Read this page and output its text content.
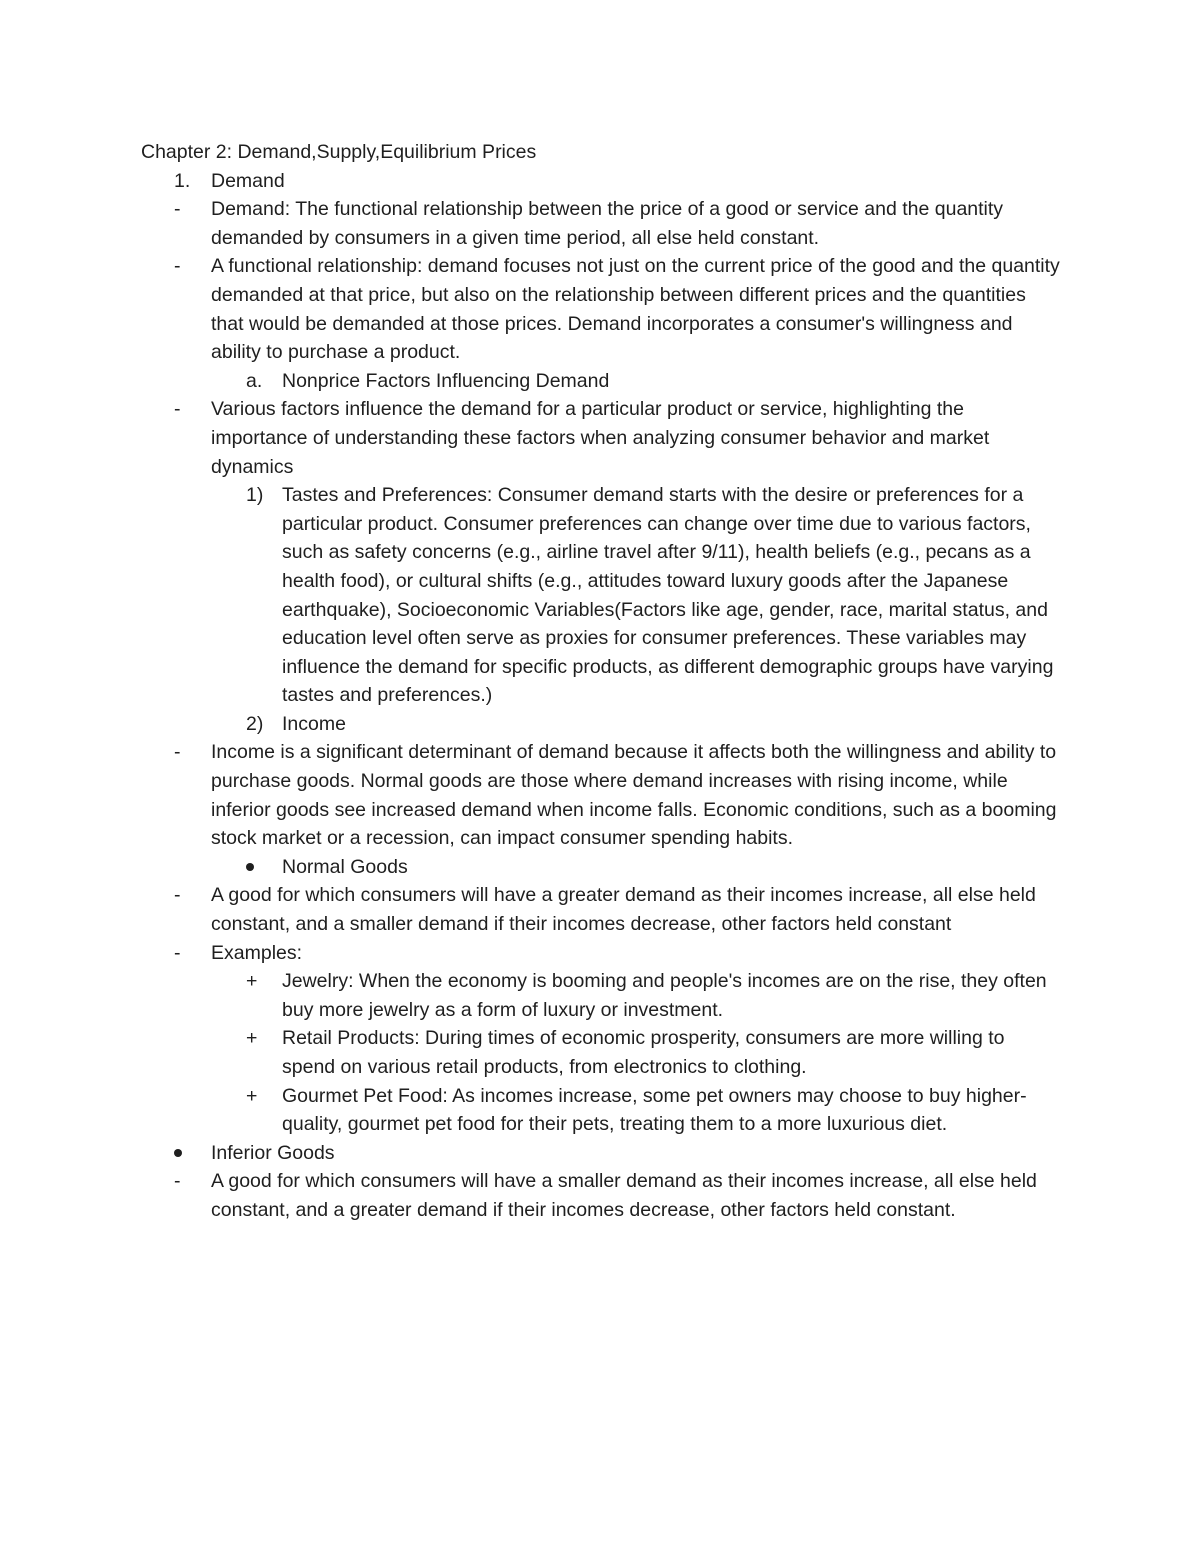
Chapter 2: Demand,Supply,Equilibrium Prices
1. Demand
- Demand: The functional relationship between the price of a good or service and the quantity demanded by consumers in a given time period, all else held constant.
- A functional relationship: demand focuses not just on the current price of the good and the quantity demanded at that price, but also on the relationship between different prices and the quantities that would be demanded at those prices. Demand incorporates a consumer's willingness and ability to purchase a product.
a. Nonprice Factors Influencing Demand
- Various factors influence the demand for a particular product or service, highlighting the importance of understanding these factors when analyzing consumer behavior and market dynamics
1) Tastes and Preferences: Consumer demand starts with the desire or preferences for a particular product. Consumer preferences can change over time due to various factors, such as safety concerns (e.g., airline travel after 9/11), health beliefs (e.g., pecans as a health food), or cultural shifts (e.g., attitudes toward luxury goods after the Japanese earthquake), Socioeconomic Variables(Factors like age, gender, race, marital status, and education level often serve as proxies for consumer preferences. These variables may influence the demand for specific products, as different demographic groups have varying tastes and preferences.)
2) Income
- Income is a significant determinant of demand because it affects both the willingness and ability to purchase goods. Normal goods are those where demand increases with rising income, while inferior goods see increased demand when income falls. Economic conditions, such as a booming stock market or a recession, can impact consumer spending habits.
Normal Goods
- A good for which consumers will have a greater demand as their incomes increase, all else held constant, and a smaller demand if their incomes decrease, other factors held constant
- Examples:
+ Jewelry: When the economy is booming and people's incomes are on the rise, they often buy more jewelry as a form of luxury or investment.
+ Retail Products: During times of economic prosperity, consumers are more willing to spend on various retail products, from electronics to clothing.
+ Gourmet Pet Food: As incomes increase, some pet owners may choose to buy higher-quality, gourmet pet food for their pets, treating them to a more luxurious diet.
Inferior Goods
- A good for which consumers will have a smaller demand as their incomes increase, all else held constant, and a greater demand if their incomes decrease, other factors held constant.
